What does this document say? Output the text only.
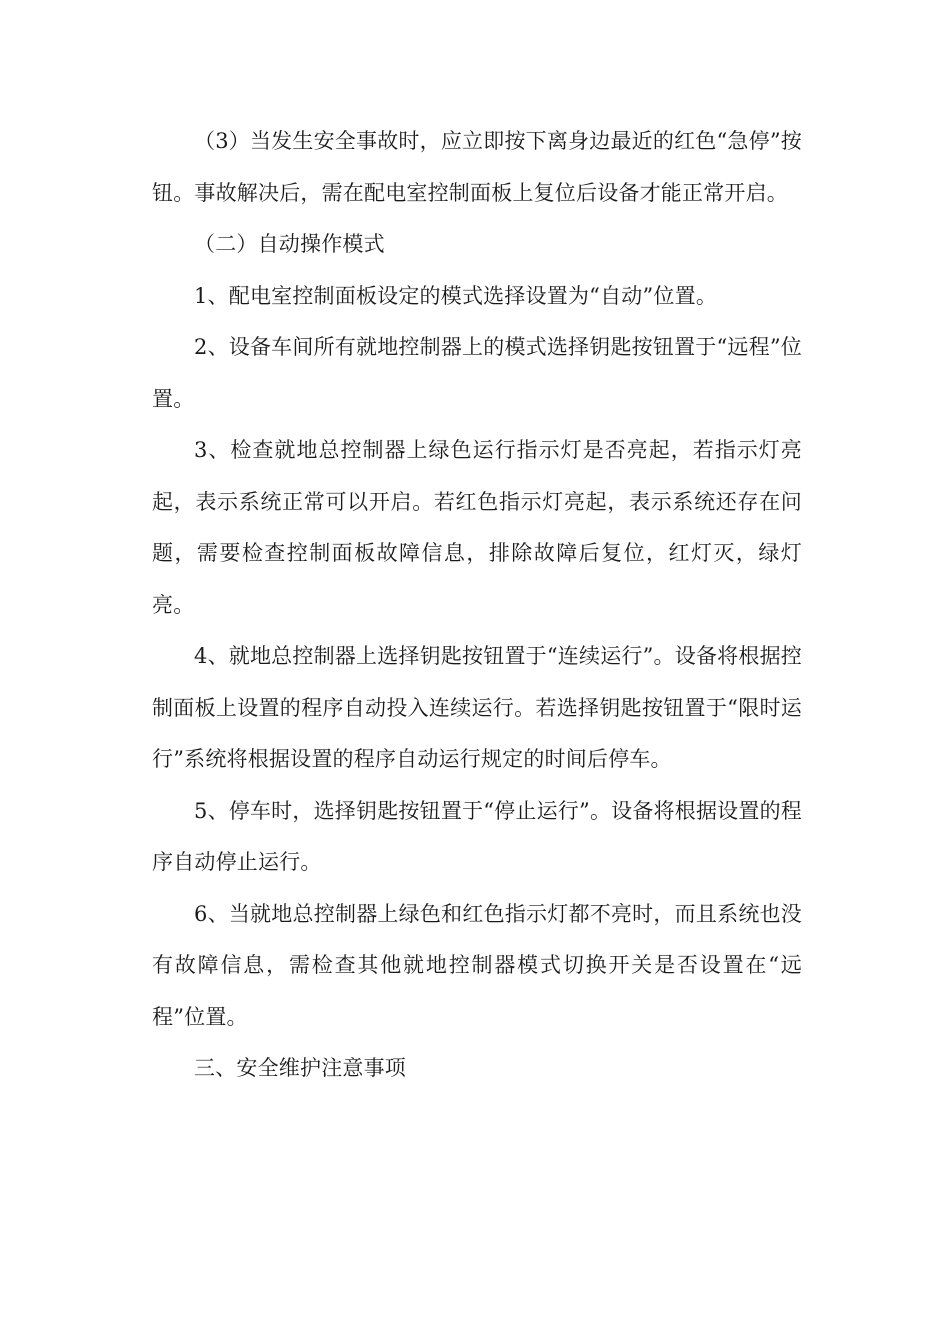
（3）当发生安全事故时，应立即按下离身边最近的红色“急停”按钮。事故解决后，需在配电室控制面板上复位后设备才能正常开启。

（二）自动操作模式

1、配电室控制面板设定的模式选择设置为“自动”位置。

2、设备车间所有就地控制器上的模式选择钥匙按钮置于“远程”位置。

3、检查就地总控制器上绿色运行指示灯是否亮起，若指示灯亮起，表示系统正常可以开启。若红色指示灯亮起，表示系统还存在问题，需要检查控制面板故障信息，排除故障后复位，红灯灭，绿灯亮。

4、就地总控制器上选择钥匙按钮置于“连续运行”。设备将根据控制面板上设置的程序自动投入连续运行。若选择钥匙按钮置于“限时运行”系统将根据设置的程序自动运行规定的时间后停车。

5、停车时，选择钥匙按钮置于“停止运行”。设备将根据设置的程序自动停止运行。

6、当就地总控制器上绿色和红色指示灯都不亮时，而且系统也没有故障信息，需检查其他就地控制器模式切换开关是否设置在“远程”位置。

三、安全维护注意事项
